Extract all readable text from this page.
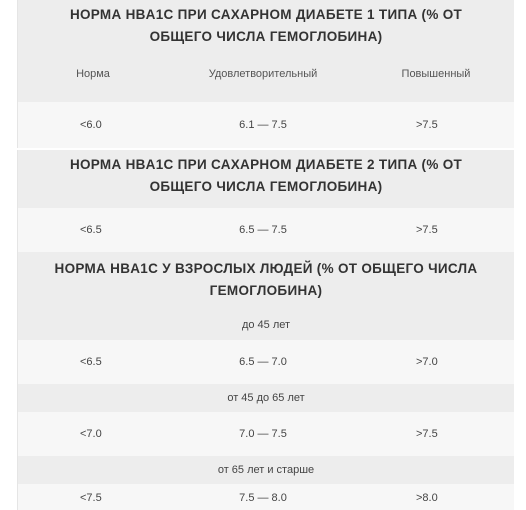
НОРМА HBA1C ПРИ САХАРНОМ ДИАБЕТЕ 1 ТИПА (% ОТ ОБЩЕГО ЧИСЛА ГЕМОГЛОБИНА)
Норма	Удовлетворительный	Повышенный
<6.0	6.1 — 7.5	>7.5
НОРМА HBA1C ПРИ САХАРНОМ ДИАБЕТЕ 2 ТИПА (% ОТ ОБЩЕГО ЧИСЛА ГЕМОГЛОБИНА)
<6.5	6.5 — 7.5	>7.5
НОРМА HBA1C У ВЗРОСЛЫХ ЛЮДЕЙ (% ОТ ОБЩЕГО ЧИСЛА ГЕМОГЛОБИНА)
до 45 лет
<6.5	6.5 — 7.0	>7.0
от 45 до 65 лет
<7.0	7.0 — 7.5	>7.5
от 65 лет и старше
<7.5	7.5 — 8.0	>8.0
